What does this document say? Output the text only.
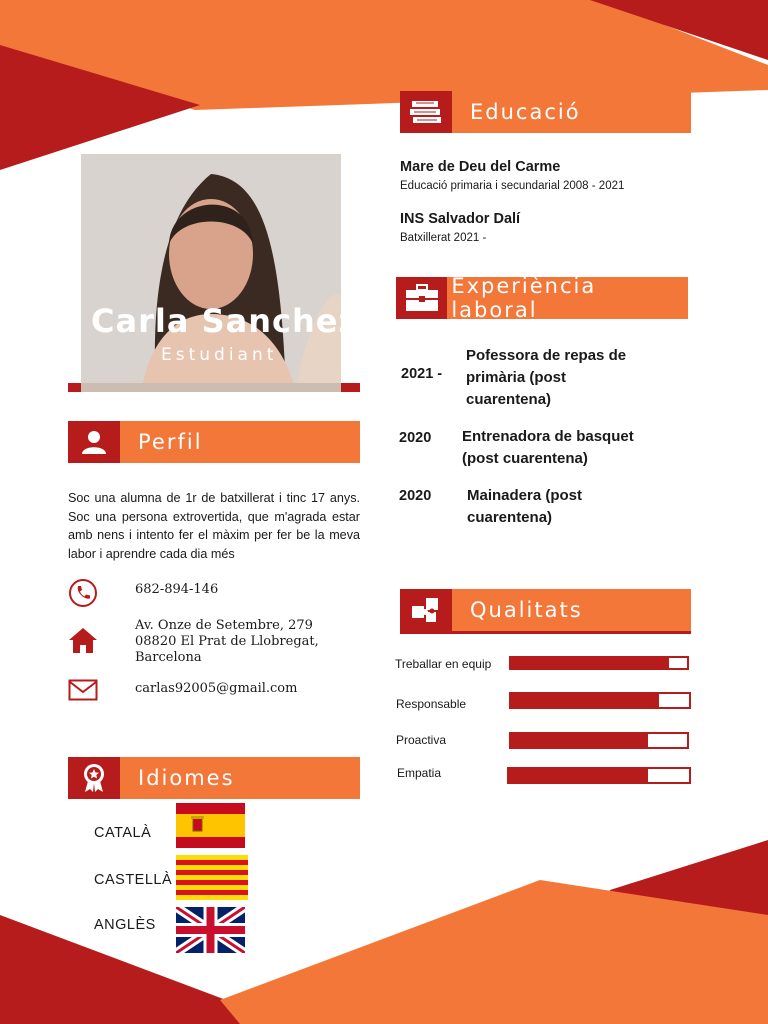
Carla Sanchez
Estudiant
Perfil
Soc una alumna de 1r de batxillerat i tinc 17 anys. Soc una persona extrovertida, que m'agrada estar amb nens i intento fer el màxim per fer be la meva labor i aprendre cada dia més
682-894-146
Av. Onze de Setembre, 279
08820 El Prat de Llobregat,
Barcelona
carlas92005@gmail.com
Idiomes
CATALÀ
CASTELLÀ
ANGLÈS
Educació
Mare de Deu del Carme
Educació primaria i secundarial 2008 - 2021
INS Salvador Dalí
Batxillerat 2021 -
Experiència laboral
2021 -
Pofessora de repas de
primària (post
cuarentena)
2020 Entrenadora de basquet
(post cuarentena)
2020 Mainadera (post
cuarentena)
Qualitats
Treballar en equip
Responsable
Proactiva
Empatia
